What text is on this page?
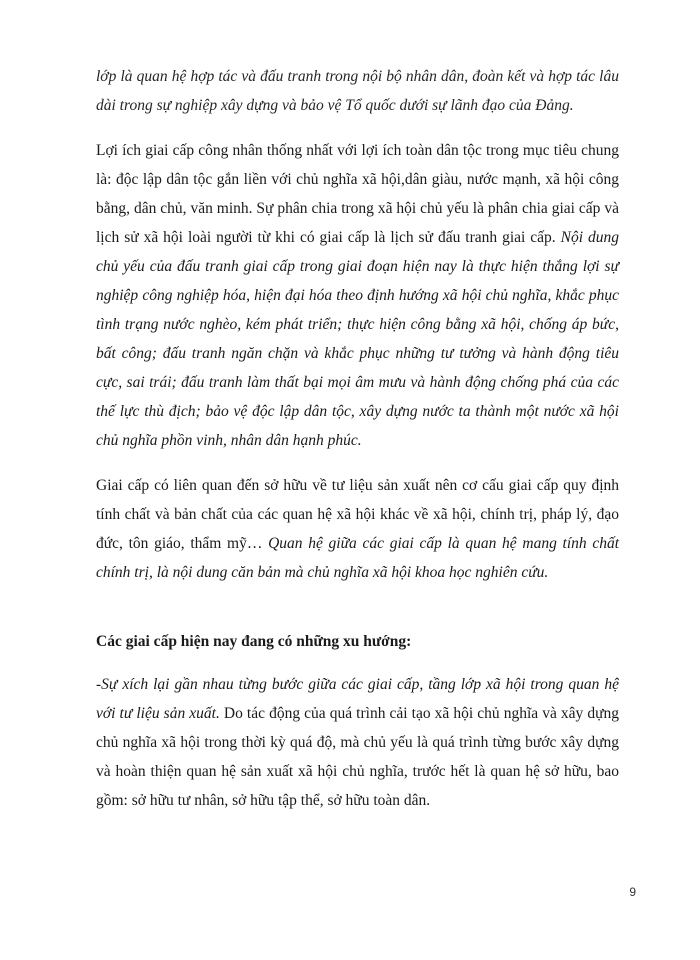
lớp là quan hệ hợp tác và đấu tranh trong nội bộ nhân dân, đoàn kết và hợp tác lâu dài trong sự nghiệp xây dựng và bảo vệ Tổ quốc dưới sự lãnh đạo của Đảng.

Lợi ích giai cấp công nhân thống nhất với lợi ích toàn dân tộc trong mục tiêu chung là: độc lập dân tộc gắn liền với chủ nghĩa xã hội,dân giàu, nước mạnh, xã hội công bằng, dân chủ, văn minh. Sự phân chia trong xã hội chủ yếu là phân chia giai cấp và lịch sử xã hội loài người từ khi có giai cấp là lịch sử đấu tranh giai cấp. Nội dung chủ yếu của đấu tranh giai cấp trong giai đoạn hiện nay là thực hiện thắng lợi sự nghiệp công nghiệp hóa, hiện đại hóa theo định hướng xã hội chủ nghĩa, khắc phục tình trạng nước nghèo, kém phát triển; thực hiện công bằng xã hội, chống áp bức, bất công; đấu tranh ngăn chặn và khắc phục những tư tưởng và hành động tiêu cực, sai trái; đấu tranh làm thất bại mọi âm mưu và hành động chống phá của các thế lực thù địch; bảo vệ độc lập dân tộc, xây dựng nước ta thành một nước xã hội chủ nghĩa phồn vinh, nhân dân hạnh phúc.

Giai cấp có liên quan đến sở hữu về tư liệu sản xuất nên cơ cấu giai cấp quy định tính chất và bản chất của các quan hệ xã hội khác về xã hội, chính trị, pháp lý, đạo đức, tôn giáo, thẩm mỹ… Quan hệ giữa các giai cấp là quan hệ mang tính chất chính trị, là nội dung căn bản mà chủ nghĩa xã hội khoa học nghiên cứu.

Các giai cấp hiện nay đang có những xu hướng:

-Sự xích lại gần nhau từng bước giữa các giai cấp, tầng lớp xã hội trong quan hệ với tư liệu sản xuất. Do tác động của quá trình cải tạo xã hội chủ nghĩa và xây dựng chủ nghĩa xã hội trong thời kỳ quá độ, mà chủ yếu là quá trình từng bước xây dựng và hoàn thiện quan hệ sản xuất xã hội chủ nghĩa, trước hết là quan hệ sở hữu, bao gồm: sở hữu tư nhân, sở hữu tập thể, sở hữu toàn dân.

9
